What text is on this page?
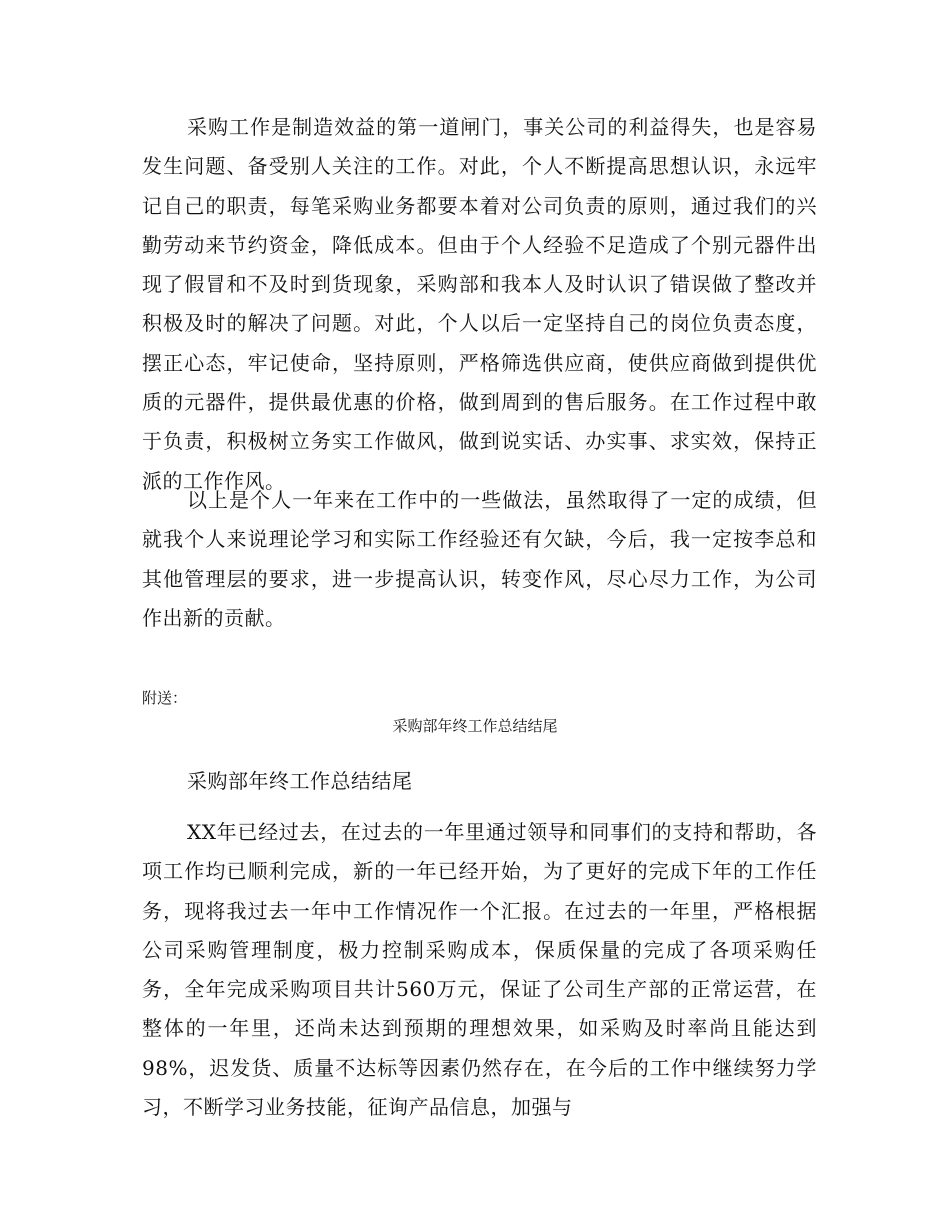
采购工作是制造效益的第一道闸门，事关公司的利益得失，也是容易发生问题、备受别人关注的工作。对此，个人不断提高思想认识，永远牢记自己的职责，每笔采购业务都要本着对公司负责的原则，通过我们的兴勤劳动来节约资金，降低成本。但由于个人经验不足造成了个别元器件出现了假冒和不及时到货现象，采购部和我本人及时认识了错误做了整改并积极及时的解决了问题。对此，个人以后一定坚持自己的岗位负责态度，摆正心态，牢记使命，坚持原则，严格筛选供应商，使供应商做到提供优质的元器件，提供最优惠的价格，做到周到的售后服务。在工作过程中敢于负责，积极树立务实工作做风，做到说实话、办实事、求实效，保持正派的工作作风。

以上是个人一年来在工作中的一些做法，虽然取得了一定的成绩，但就我个人来说理论学习和实际工作经验还有欠缺，今后，我一定按李总和其他管理层的要求，进一步提高认识，转变作风，尽心尽力工作，为公司作出新的贡献。

附送：

采购部年终工作总结结尾

采购部年终工作总结结尾

XX年已经过去，在过去的一年里通过领导和同事们的支持和帮助，各项工作均已顺利完成，新的一年已经开始，为了更好的完成下年的工作任务，现将我过去一年中工作情况作一个汇报。在过去的一年里，严格根据公司采购管理制度，极力控制采购成本，保质保量的完成了各项采购任务，全年完成采购项目共计560万元，保证了公司生产部的正常运营，在整体的一年里，还尚未达到预期的理想效果，如采购及时率尚且能达到98%，迟发货、质量不达标等因素仍然存在，在今后的工作中继续努力学习，不断学习业务技能，征询产品信息，加强与
